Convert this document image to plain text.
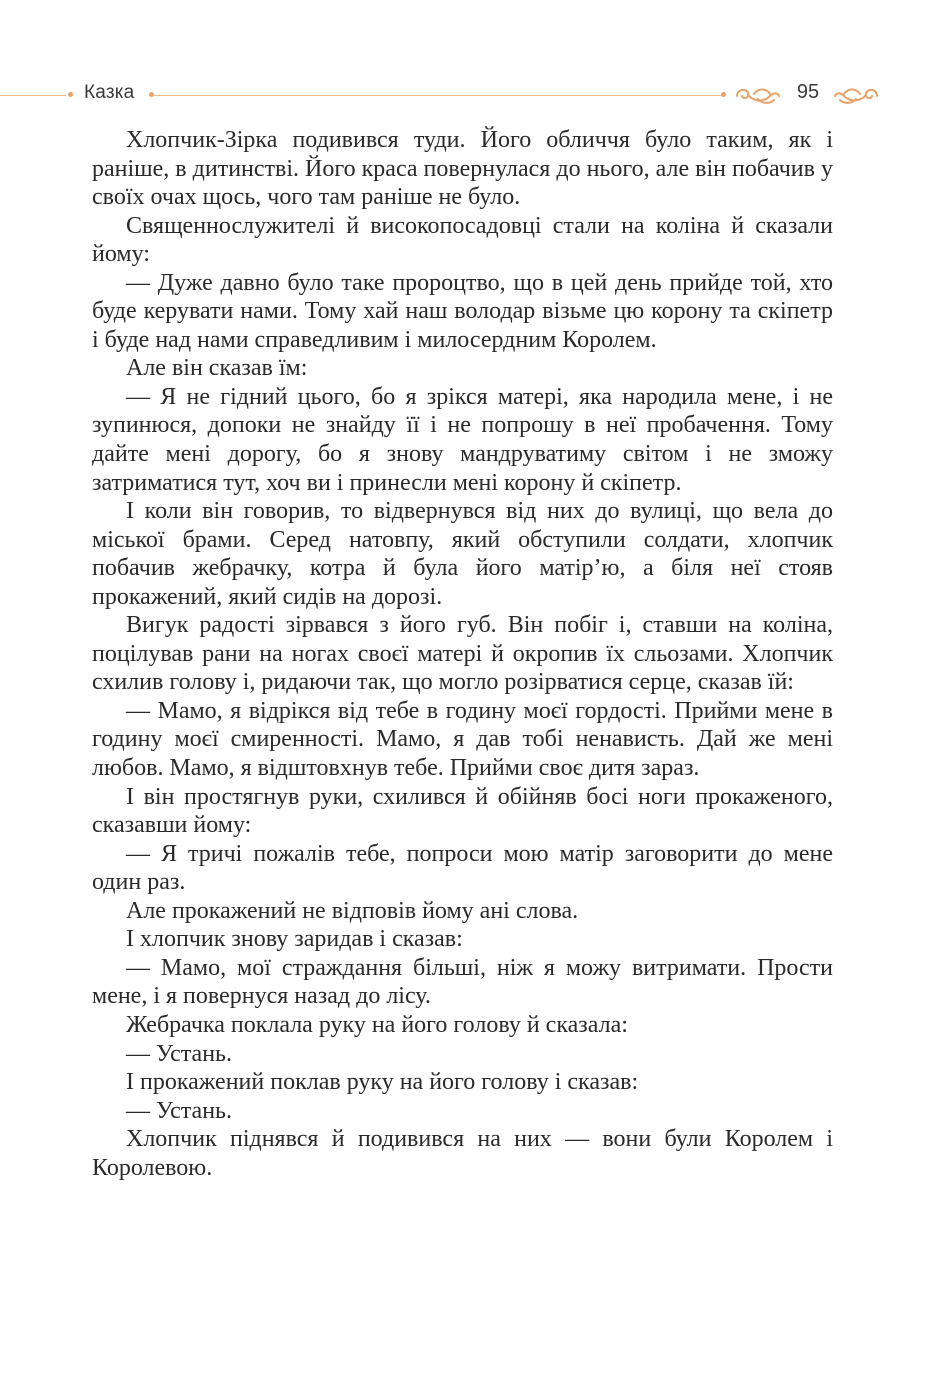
Казка	95

Хлопчик-Зірка подивився туди. Його обличчя було таким, як і раніше, в дитинстві. Його краса повернулася до нього, але він побачив у своїх очах щось, чого там раніше не було.

Священнослужителі й високопосадовці стали на коліна й сказали йому:

— Дуже давно було таке пророцтво, що в цей день прийде той, хто буде керувати нами. Тому хай наш володар візьме цю корону та скіпетр і буде над нами справедливим і милосердним Королем.

Але він сказав їм:

— Я не гідний цього, бо я зрікся матері, яка народила мене, і не зупинюся, допоки не знайду її і не попрошу в неї пробачення. Тому дайте мені дорогу, бо я знову мандруватиму світом і не зможу затриматися тут, хоч ви і принесли мені корону й скіпетр.

І коли він говорив, то відвернувся від них до вулиці, що вела до міської брами. Серед натовпу, який обступили солдати, хлопчик побачив жебрачку, котра й була його матір’ю, а біля неї стояв прокажений, який сидів на дорозі.

Вигук радості зірвався з його губ. Він побіг і, ставши на коліна, поцілував рани на ногах своєї матері й окропив їх сльозами. Хлопчик схилив голову і, ридаючи так, що могло розірватися серце, сказав їй:

— Мамо, я відрікся від тебе в годину моєї гордості. Прийми мене в годину моєї смиренності. Мамо, я дав тобі ненависть. Дай же мені любов. Мамо, я відштовхнув тебе. Прийми своє дитя зараз.

І він простягнув руки, схилився й обійняв босі ноги прокаженого, сказавши йому:

— Я тричі пожалів тебе, попроси мою матір заговорити до мене один раз.

Але прокажений не відповів йому ані слова.

І хлопчик знову заридав і сказав:

— Мамо, мої страждання більші, ніж я можу витримати. Прости мене, і я повернуся назад до лісу.

Жебрачка поклала руку на його голову й сказала:

— Устань.

І прокажений поклав руку на його голову і сказав:

— Устань.

Хлопчик піднявся й подивився на них — вони були Королем і Королевою.
